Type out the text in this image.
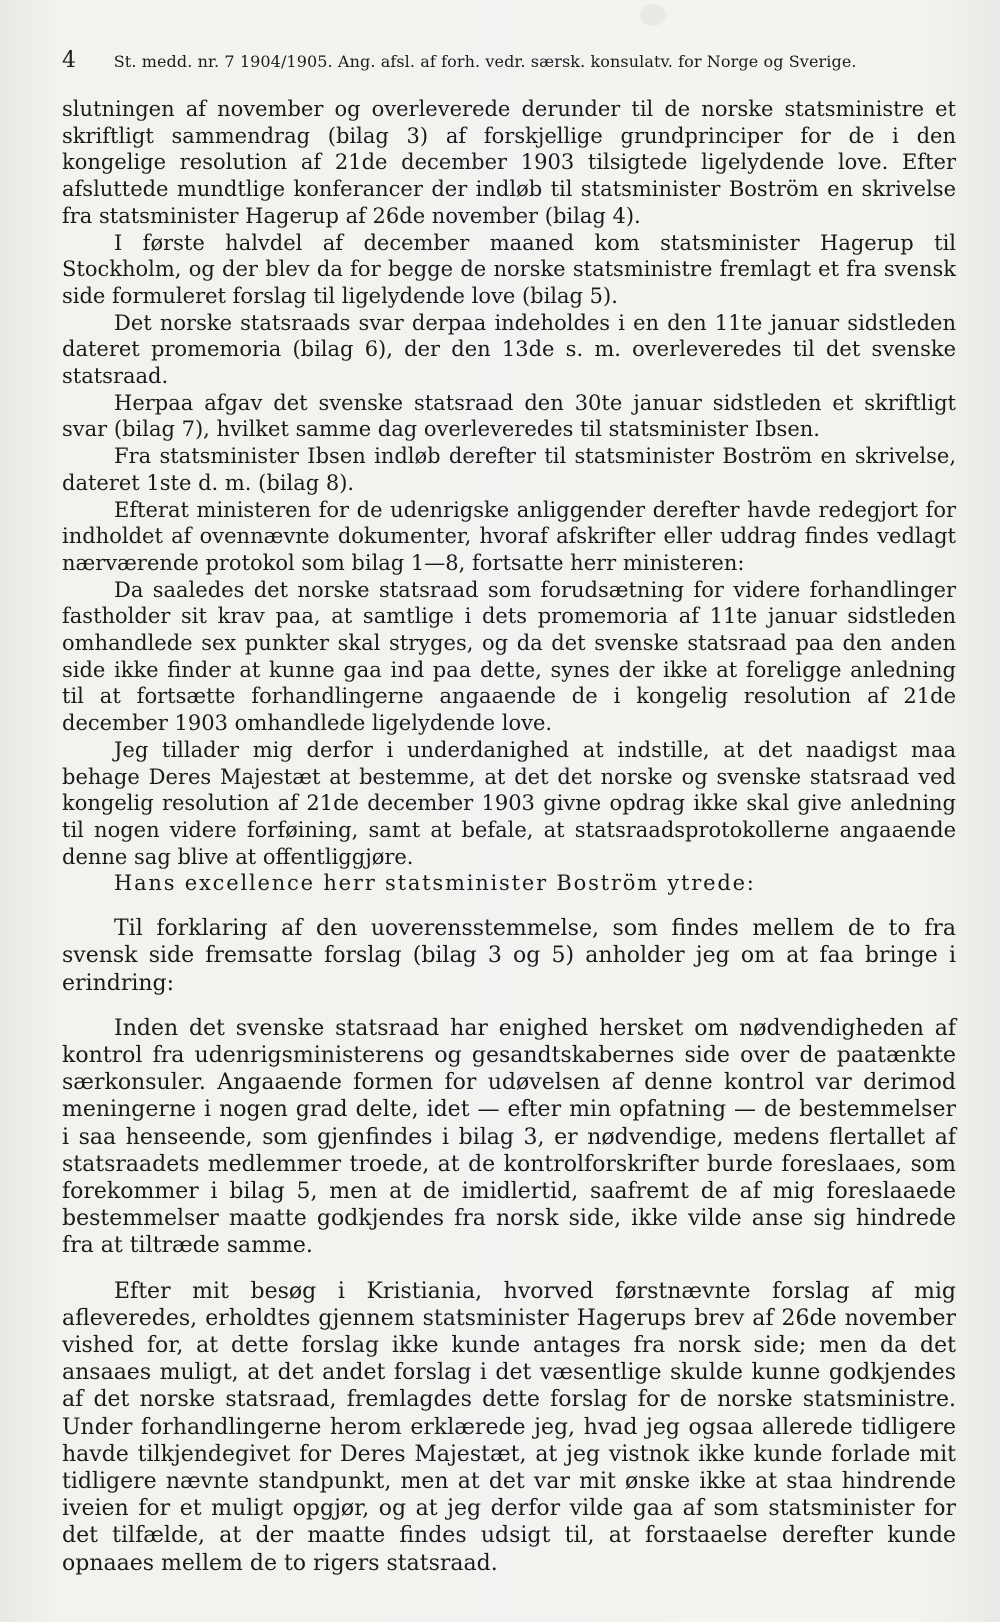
4 St. medd. nr. 7 1904/1905. Ang. afsl. af forh. vedr. særsk. konsulatv. for Norge og Sverige.

slutningen af november og overleverede derunder til de norske statsministre et skriftligt sammendrag (bilag 3) af forskjellige grundprinciper for de i den kongelige resolution af 21de december 1903 tilsigtede ligelydende love. Efter afsluttede mundtlige konferancer der indløb til statsminister Boström en skrivelse fra statsminister Hagerup af 26de november (bilag 4).

I første halvdel af december maaned kom statsminister Hagerup til Stockholm, og der blev da for begge de norske statsministre fremlagt et fra svensk side formuleret forslag til ligelydende love (bilag 5).

Det norske statsraads svar derpaa indeholdes i en den 11te januar sidstleden dateret promemoria (bilag 6), der den 13de s. m. overleveredes til det svenske statsraad.

Herpaa afgav det svenske statsraad den 30te januar sidstleden et skriftligt svar (bilag 7), hvilket samme dag overleveredes til statsminister Ibsen.

Fra statsminister Ibsen indløb derefter til statsminister Boström en skrivelse, dateret 1ste d. m. (bilag 8).

Efterat ministeren for de udenrigske anliggender derefter havde redegjort for indholdet af ovennævnte dokumenter, hvoraf afskrifter eller uddrag findes vedlagt nærværende protokol som bilag 1—8, fortsatte herr ministeren:

Da saaledes det norske statsraad som forudsætning for videre forhandlinger fastholder sit krav paa, at samtlige i dets promemoria af 11te januar sidstleden omhandlede sex punkter skal stryges, og da det svenske statsraad paa den anden side ikke finder at kunne gaa ind paa dette, synes der ikke at foreligge anledning til at fortsætte forhandlingerne angaaende de i kongelig resolution af 21de december 1903 omhandlede ligelydende love.

Jeg tillader mig derfor i underdanighed at indstille, at det naadigst maa behage Deres Majestæt at bestemme, at det det norske og svenske statsraad ved kongelig resolution af 21de december 1903 givne opdrag ikke skal give anledning til nogen videre forføining, samt at befale, at statsraadsprotokollerne angaaende denne sag blive at offentliggjøre.

Hans excellence herr statsminister Boström ytrede:

Til forklaring af den uoverensstemmelse, som findes mellem de to fra svensk side fremsatte forslag (bilag 3 og 5) anholder jeg om at faa bringe i erindring:

Inden det svenske statsraad har enighed hersket om nødvendigheden af kontrol fra udenrigsministerens og gesandtskabernes side over de paatænkte særkonsuler. Angaaende formen for udøvelsen af denne kontrol var derimod meningerne i nogen grad delte, idet — efter min opfatning — de bestemmelser i saa henseende, som gjenfindes i bilag 3, er nødvendige, medens flertallet af statsraadets medlemmer troede, at de kontrolforskrifter burde foreslaaes, som forekommer i bilag 5, men at de imidlertid, saafremt de af mig foreslaaede bestemmelser maatte godkjendes fra norsk side, ikke vilde anse sig hindrede fra at tiltræde samme.

Efter mit besøg i Kristiania, hvorved førstnævnte forslag af mig afleveredes, erholdtes gjennem statsminister Hagerups brev af 26de november vished for, at dette forslag ikke kunde antages fra norsk side; men da det ansaaes muligt, at det andet forslag i det væsentlige skulde kunne godkjendes af det norske statsraad, fremlagdes dette forslag for de norske statsministre. Under forhandlingerne herom erklærede jeg, hvad jeg ogsaa allerede tidligere havde tilkjendegivet for Deres Majestæt, at jeg vistnok ikke kunde forlade mit tidligere nævnte standpunkt, men at det var mit ønske ikke at staa hindrende iveien for et muligt opgjør, og at jeg derfor vilde gaa af som statsminister for det tilfælde, at der maatte findes udsigt til, at forstaaelse derefter kunde opnaaes mellem de to rigers statsraad.
